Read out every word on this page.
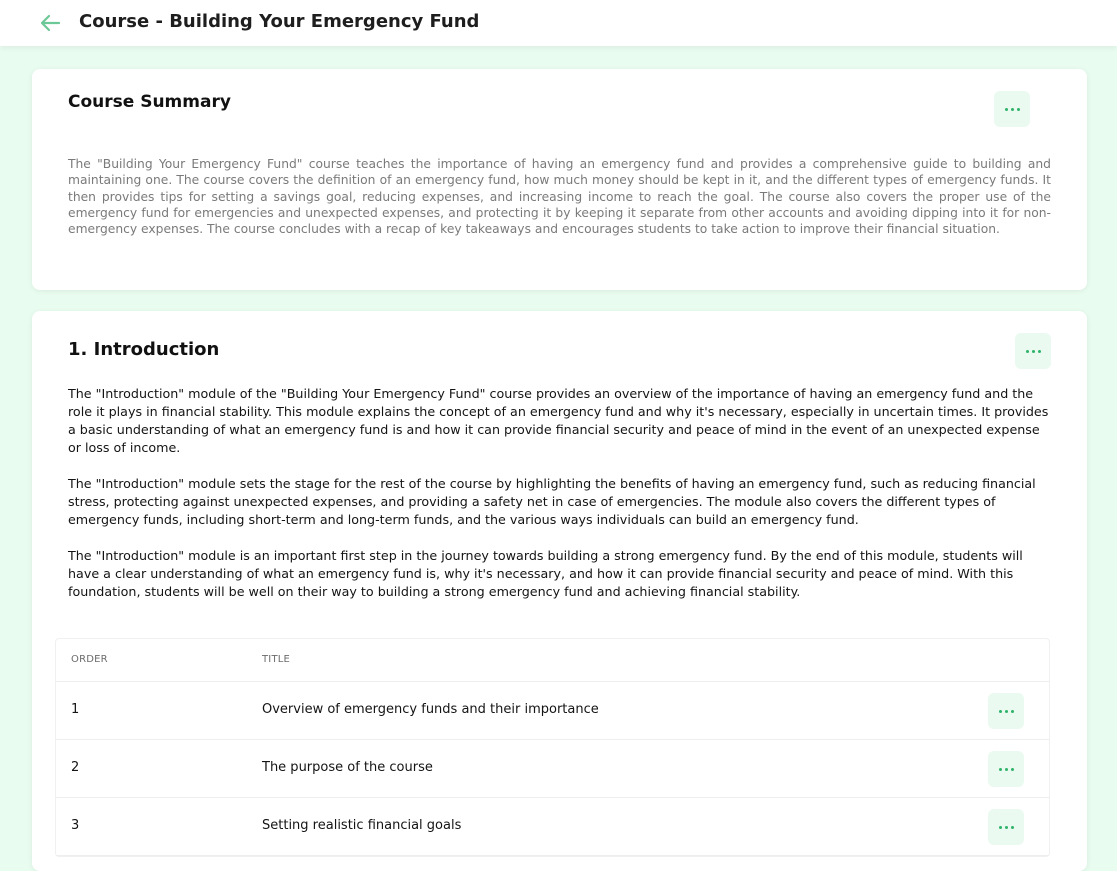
Course - Building Your Emergency Fund
Course Summary
The "Building Your Emergency Fund" course teaches the importance of having an emergency fund and provides a comprehensive guide to building and maintaining one. The course covers the definition of an emergency fund, how much money should be kept in it, and the different types of emergency funds. It then provides tips for setting a savings goal, reducing expenses, and increasing income to reach the goal. The course also covers the proper use of the emergency fund for emergencies and unexpected expenses, and protecting it by keeping it separate from other accounts and avoiding dipping into it for non-emergency expenses. The course concludes with a recap of key takeaways and encourages students to take action to improve their financial situation.
1. Introduction

The "Introduction" module of the "Building Your Emergency Fund" course provides an overview of the importance of having an emergency fund and the role it plays in financial stability. This module explains the concept of an emergency fund and why it's necessary, especially in uncertain times. It provides a basic understanding of what an emergency fund is and how it can provide financial security and peace of mind in the event of an unexpected expense or loss of income.

The "Introduction" module sets the stage for the rest of the course by highlighting the benefits of having an emergency fund, such as reducing financial stress, protecting against unexpected expenses, and providing a safety net in case of emergencies. The module also covers the different types of emergency funds, including short-term and long-term funds, and the various ways individuals can build an emergency fund.

The "Introduction" module is an important first step in the journey towards building a strong emergency fund. By the end of this module, students will have a clear understanding of what an emergency fund is, why it's necessary, and how it can provide financial security and peace of mind. With this foundation, students will be well on their way to building a strong emergency fund and achieving financial stability.

ORDER	TITLE
1	Overview of emergency funds and their importance
2	The purpose of the course
3	Setting realistic financial goals
